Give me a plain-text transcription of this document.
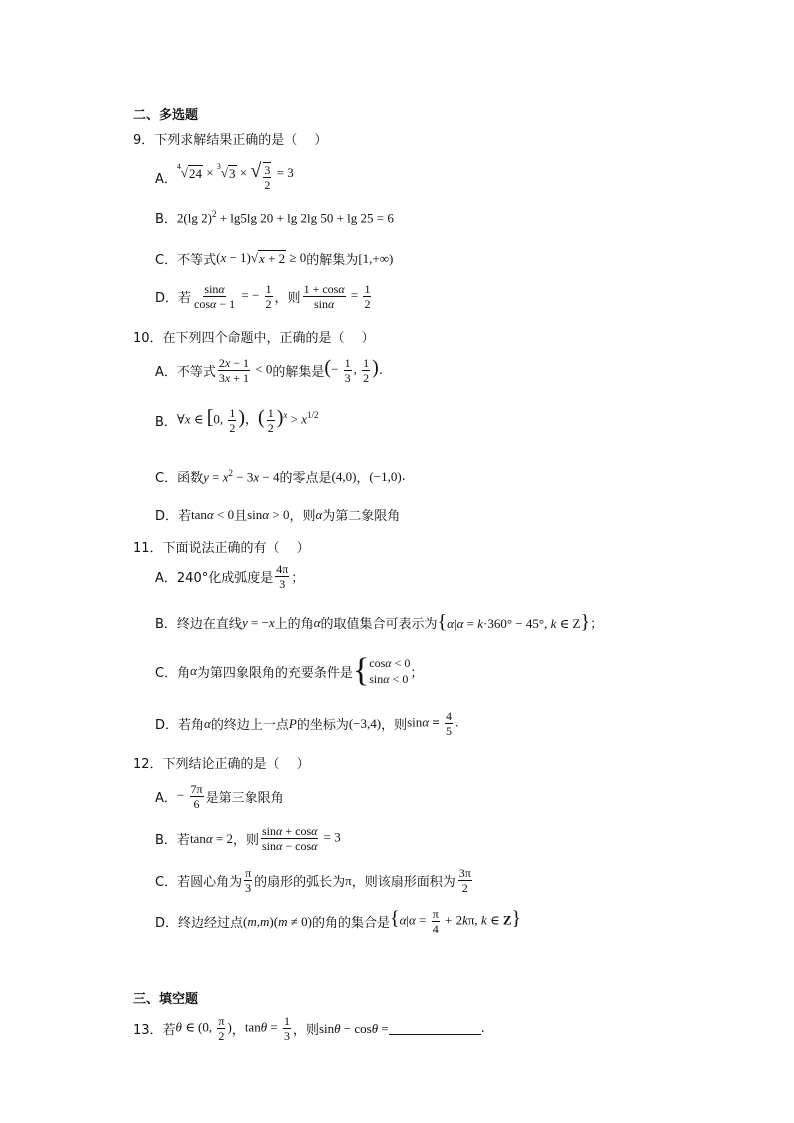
二、多选题
9．下列求解结果正确的是（　 ）
A．
$^4$ √ 24 × $^3$ √ 3 × √ $\frac{3}{2} = 3$
B． 2(lg 2)$^2$ + lg5lg 20 + lg 2lg 50 + lg 25 = 6
C． 不等式 (x − 1) √ x + 2 ≥ 0 的解集为 [1,+∞)
D． 若 $\frac{\sin\alpha}{\cos\alpha - 1}$ = − $\frac{1}{2}$ ，则 $\frac{1 + \cos\alpha}{\sin\alpha} = \frac{1}{2}$
10．在下列四个命题中，正确的是（　 ）
A． 不等式 $\frac{2x - 1}{3x + 1} < 0$ 的解集是 (− $\frac{1}{3}$ , $\frac{1}{2}$ ) .
B． ∀x ∈ [0, $\frac{1}{2}$ )，( $\frac{1}{2} )^x > x^{1/2}$
C． 函数 $y = x^2 - 3x - 4$ 的零点是 (4,0) ， (−1,0) .
D． 若 tanα < 0 且 sinα > 0 ，则 α 为第二象限角
11．下面说法正确的有（　 ）
A． 240°化成弧度是 $\frac{4\pi}{3}$ ；
B． 终边在直线 y = −x 上的角 α 的取值集合可表示为 {α|α = k·360° − 45°, k ∈ Z} ；
C． 角 α 为第四象限角的充要条件是 { cosα < 0
sinα < 0 ；
D． 若角 α 的终边上一点 P 的坐标为 (−3,4) ，则 $\sin\alpha = \frac{4}{5}$ .
12．下列结论正确的是（　 ）
A． − $\frac{7\pi}{6}$ 是第三象限角
B． 若 tanα = 2 ，则 $\frac{\sin\alpha + \cos\alpha}{\sin\alpha - \cos\alpha} = 3$
C． 若圆心角为 $\frac{\pi}{3}$ 的扇形的弧长为 π ，则该扇形面积为 $\frac{3\pi}{2}$
D． 终边经过点 (m,m)(m ≠ 0) 的角的集合是 {$\alpha|\alpha = \frac{\pi}{4} + 2k\pi$, k ∈ Z}
三、填空题
13．若 θ ∈ (0, $\frac{\pi}{2}$ ) ， $\tan\theta = \frac{1}{3}$ ，则 sinθ − cosθ =	.
